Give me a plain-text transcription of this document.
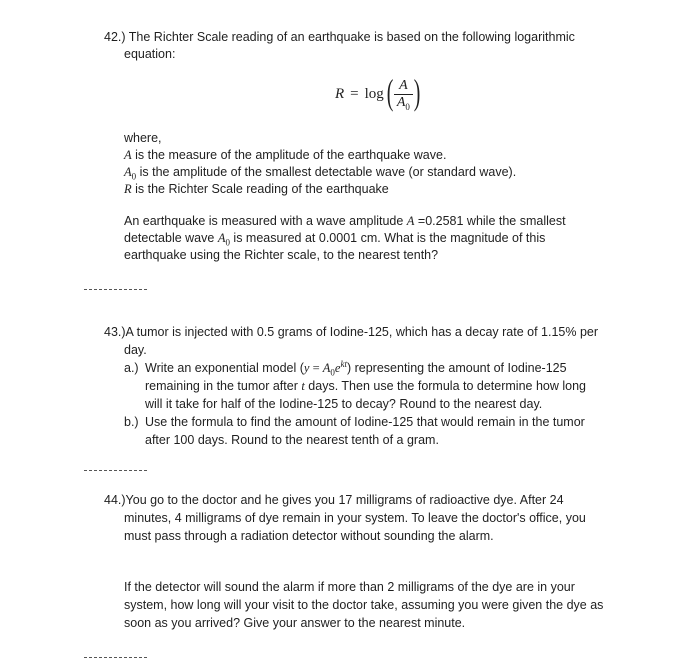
42.) The Richter Scale reading of an earthquake is based on the following logarithmic
equation:
R = log ( $\frac{A}{A_0}$ )
where,
A is the measure of the amplitude of the earthquake wave.
$A_0$ is the amplitude of the smallest detectable wave (or standard wave).
R is the Richter Scale reading of the earthquake
An earthquake is measured with a wave amplitude A =0.2581 while the smallest
detectable wave $A_0$ is measured at 0.0001 cm. What is the magnitude of this
earthquake using the Richter scale, to the nearest tenth?
43.)A tumor is injected with 0.5 grams of Iodine-125, which has a decay rate of 1.15% per
day.
a.) Write an exponential model $(y = A_0e^{kt})$ representing the amount of Iodine-125
remaining in the tumor after t days. Then use the formula to determine how long
will it take for half of the Iodine-125 to decay? Round to the nearest day.
b.) Use the formula to find the amount of Iodine-125 that would remain in the tumor
after 100 days. Round to the nearest tenth of a gram.
44.)You go to the doctor and he gives you 17 milligrams of radioactive dye. After 24
minutes, 4 milligrams of dye remain in your system. To leave the doctor's office, you
must pass through a radiation detector without sounding the alarm.
If the detector will sound the alarm if more than 2 milligrams of the dye are in your
system, how long will your visit to the doctor take, assuming you were given the dye as
soon as you arrived? Give your answer to the nearest minute.
